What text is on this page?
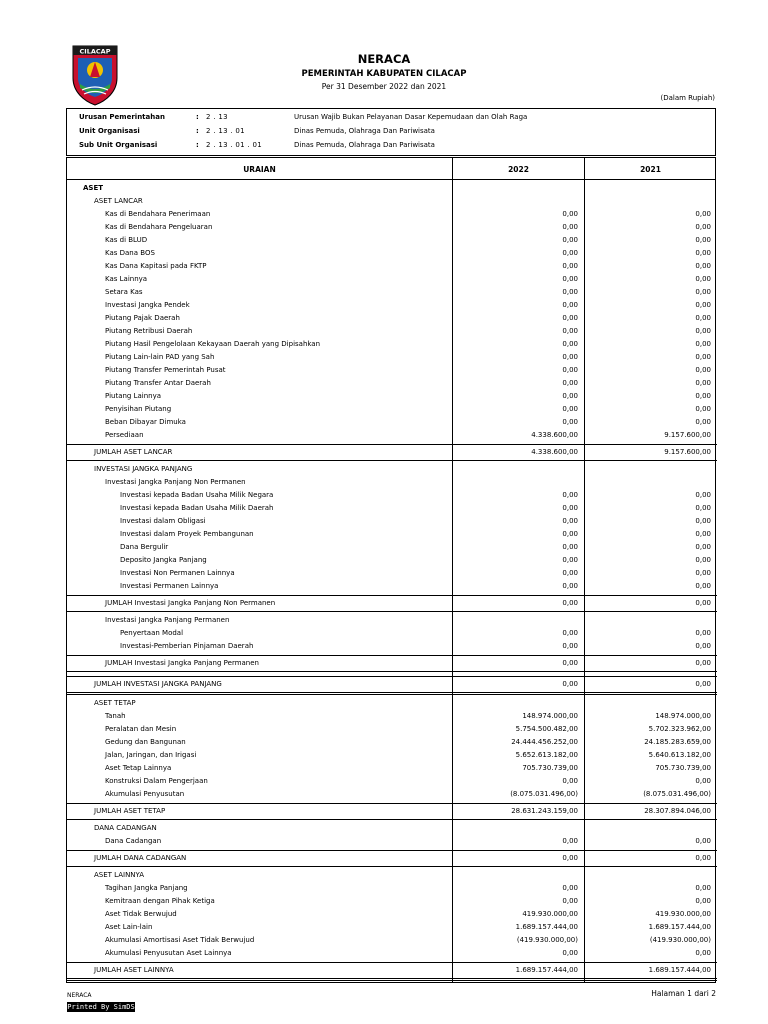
CILACAP
NERACA
PEMERINTAH KABUPATEN CILACAP
Per 31 Desember 2022 dan 2021
(Dalam Rupiah)
Urusan Pemerintahan	: 2 . 13	Urusan Wajib Bukan Pelayanan Dasar Kepemudaan dan Olah Raga
Unit Organisasi	: 2 . 13 . 01	Dinas Pemuda, Olahraga Dan Pariwisata
Sub Unit Organisasi	: 2 . 13 . 01 . 01	Dinas Pemuda, Olahraga Dan Pariwisata
URAIAN	2022	2021
ASET
ASET LANCAR
Kas di Bendahara Penerimaan	0,00	0,00
Kas di Bendahara Pengeluaran	0,00	0,00
Kas di BLUD	0,00	0,00
Kas Dana BOS	0,00	0,00
Kas Dana Kapitasi pada FKTP	0,00	0,00
Kas Lainnya	0,00	0,00
Setara Kas	0,00	0,00
Investasi Jangka Pendek	0,00	0,00
Piutang Pajak Daerah	0,00	0,00
Piutang Retribusi Daerah	0,00	0,00
Piutang Hasil Pengelolaan Kekayaan Daerah yang Dipisahkan	0,00	0,00
Piutang Lain-lain PAD yang Sah	0,00	0,00
Piutang Transfer Pemerintah Pusat	0,00	0,00
Piutang Transfer Antar Daerah	0,00	0,00
Piutang Lainnya	0,00	0,00
Penyisihan Piutang	0,00	0,00
Beban Dibayar Dimuka	0,00	0,00
Persediaan	4.338.600,00	9.157.600,00
JUMLAH ASET LANCAR	4.338.600,00	9.157.600,00
INVESTASI JANGKA PANJANG
Investasi Jangka Panjang Non Permanen
Investasi kepada Badan Usaha Milik Negara	0,00	0,00
Investasi kepada Badan Usaha Milik Daerah	0,00	0,00
Investasi dalam Obligasi	0,00	0,00
Investasi dalam Proyek Pembangunan	0,00	0,00
Dana Bergulir	0,00	0,00
Deposito Jangka Panjang	0,00	0,00
Investasi Non Permanen Lainnya	0,00	0,00
Investasi Permanen Lainnya	0,00	0,00
JUMLAH Investasi Jangka Panjang Non Permanen	0,00	0,00
Investasi Jangka Panjang Permanen
Penyertaan Modal	0,00	0,00
Investasi-Pemberian Pinjaman Daerah	0,00	0,00
JUMLAH Investasi Jangka Panjang Permanen	0,00	0,00
JUMLAH INVESTASI JANGKA PANJANG	0,00	0,00
ASET TETAP
Tanah	148.974.000,00	148.974.000,00
Peralatan dan Mesin	5.754.500.482,00	5.702.323.962,00
Gedung dan Bangunan	24.444.456.252,00	24.185.283.659,00
Jalan, Jaringan, dan Irigasi	5.652.613.182,00	5.640.613.182,00
Aset Tetap Lainnya	705.730.739,00	705.730.739,00
Konstruksi Dalam Pengerjaan	0,00	0,00
Akumulasi Penyusutan	(8.075.031.496,00)	(8.075.031.496,00)
JUMLAH ASET TETAP	28.631.243.159,00	28.307.894.046,00
DANA CADANGAN
Dana Cadangan	0,00	0,00
JUMLAH DANA CADANGAN	0,00	0,00
ASET LAINNYA
Tagihan Jangka Panjang	0,00	0,00
Kemitraan dengan Pihak Ketiga	0,00	0,00
Aset Tidak Berwujud	419.930.000,00	419.930.000,00
Aset Lain-lain	1.689.157.444,00	1.689.157.444,00
Akumulasi Amortisasi Aset Tidak Berwujud	(419.930.000,00)	(419.930.000,00)
Akumulasi Penyusutan Aset Lainnya	0,00	0,00
JUMLAH ASET LAINNYA	1.689.157.444,00	1.689.157.444,00
NERACA	Halaman 1 dari 2
Printed By SimDS
